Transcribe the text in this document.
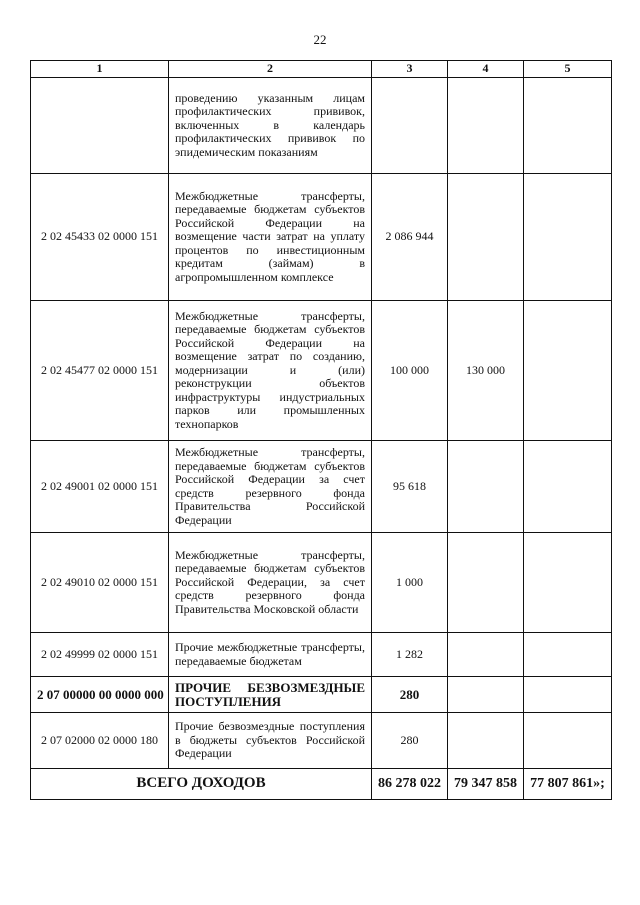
22
1	2	3	4	5
	проведению указанным лицам профилактических прививок, включенных в календарь профилактических прививок по эпидемическим показаниям			
2 02 45433 02 0000 151	Межбюджетные трансферты, передаваемые бюджетам субъектов Российской Федерации на возмещение части затрат на уплату процентов по инвестиционным кредитам (займам) в агропромышленном комплексе	2 086 944		
2 02 45477 02 0000 151	Межбюджетные трансферты, передаваемые бюджетам субъектов Российской Федерации на возмещение затрат по созданию, модернизации и (или) реконструкции объектов инфраструктуры индустриальных парков или промышленных технопарков	100 000	130 000	
2 02 49001 02 0000 151	Межбюджетные трансферты, передаваемые бюджетам субъектов Российской Федерации за счет средств резервного фонда Правительства Российской Федерации	95 618		
2 02 49010 02 0000 151	Межбюджетные трансферты, передаваемые бюджетам субъектов Российской Федерации, за счет средств резервного фонда Правительства Московской области	1 000		
2 02 49999 02 0000 151	Прочие межбюджетные трансферты, передаваемые бюджетам	1 282		
2 07 00000 00 0000 000	ПРОЧИЕ БЕЗВОЗМЕЗДНЫЕ ПОСТУПЛЕНИЯ	280		
2 07 02000 02 0000 180	Прочие безвозмездные поступления в бюджеты субъектов Российской Федерации	280		
ВСЕГО ДОХОДОВ		86 278 022	79 347 858	77 807 861»;
